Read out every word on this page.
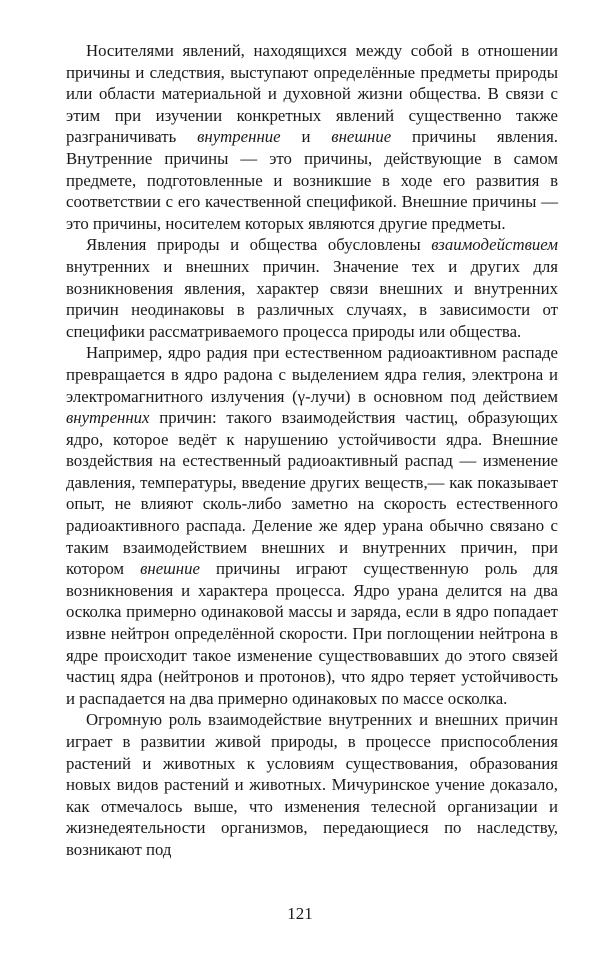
Носителями явлений, находящихся между собой в отношении причины и следствия, выступают определённые предметы природы или области материальной и духовной жизни общества. В связи с этим при изучении конкретных явлений существенно также разграничивать внутренние и внешние причины явления. Внутренние причины — это причины, действующие в самом предмете, подготовленные и возникшие в ходе его развития в соответствии с его качественной спецификой. Внешние причины — это причины, носителем которых являются другие предметы.

Явления природы и общества обусловлены взаимодействием внутренних и внешних причин. Значение тех и других для возникновения явления, характер связи внешних и внутренних причин неодинаковы в различных случаях, в зависимости от специфики рассматриваемого процесса природы или общества.

Например, ядро радия при естественном радиоактивном распаде превращается в ядро радона с выделением ядра гелия, электрона и электромагнитного излучения (γ-лучи) в основном под действием внутренних причин: такого взаимодействия частиц, образующих ядро, которое ведёт к нарушению устойчивости ядра. Внешние воздействия на естественный радиоактивный распад — изменение давления, температуры, введение других веществ,— как показывает опыт, не влияют сколь-либо заметно на скорость естественного радиоактивного распада. Деление же ядер урана обычно связано с таким взаимодействием внешних и внутренних причин, при котором внешние причины играют существенную роль для возникновения и характера процесса. Ядро урана делится на два осколка примерно одинаковой массы и заряда, если в ядро попадает извне нейтрон определённой скорости. При поглощении нейтрона в ядре происходит такое изменение существовавших до этого связей частиц ядра (нейтронов и протонов), что ядро теряет устойчивость и распадается на два примерно одинаковых по массе осколка.

Огромную роль взаимодействие внутренних и внешних причин играет в развитии живой природы, в процессе приспособления растений и животных к условиям существования, образования новых видов растений и животных. Мичуринское учение доказало, как отмечалось выше, что изменения телесной организации и жизнедеятельности организмов, передающиеся по наследству, возникают под

121
